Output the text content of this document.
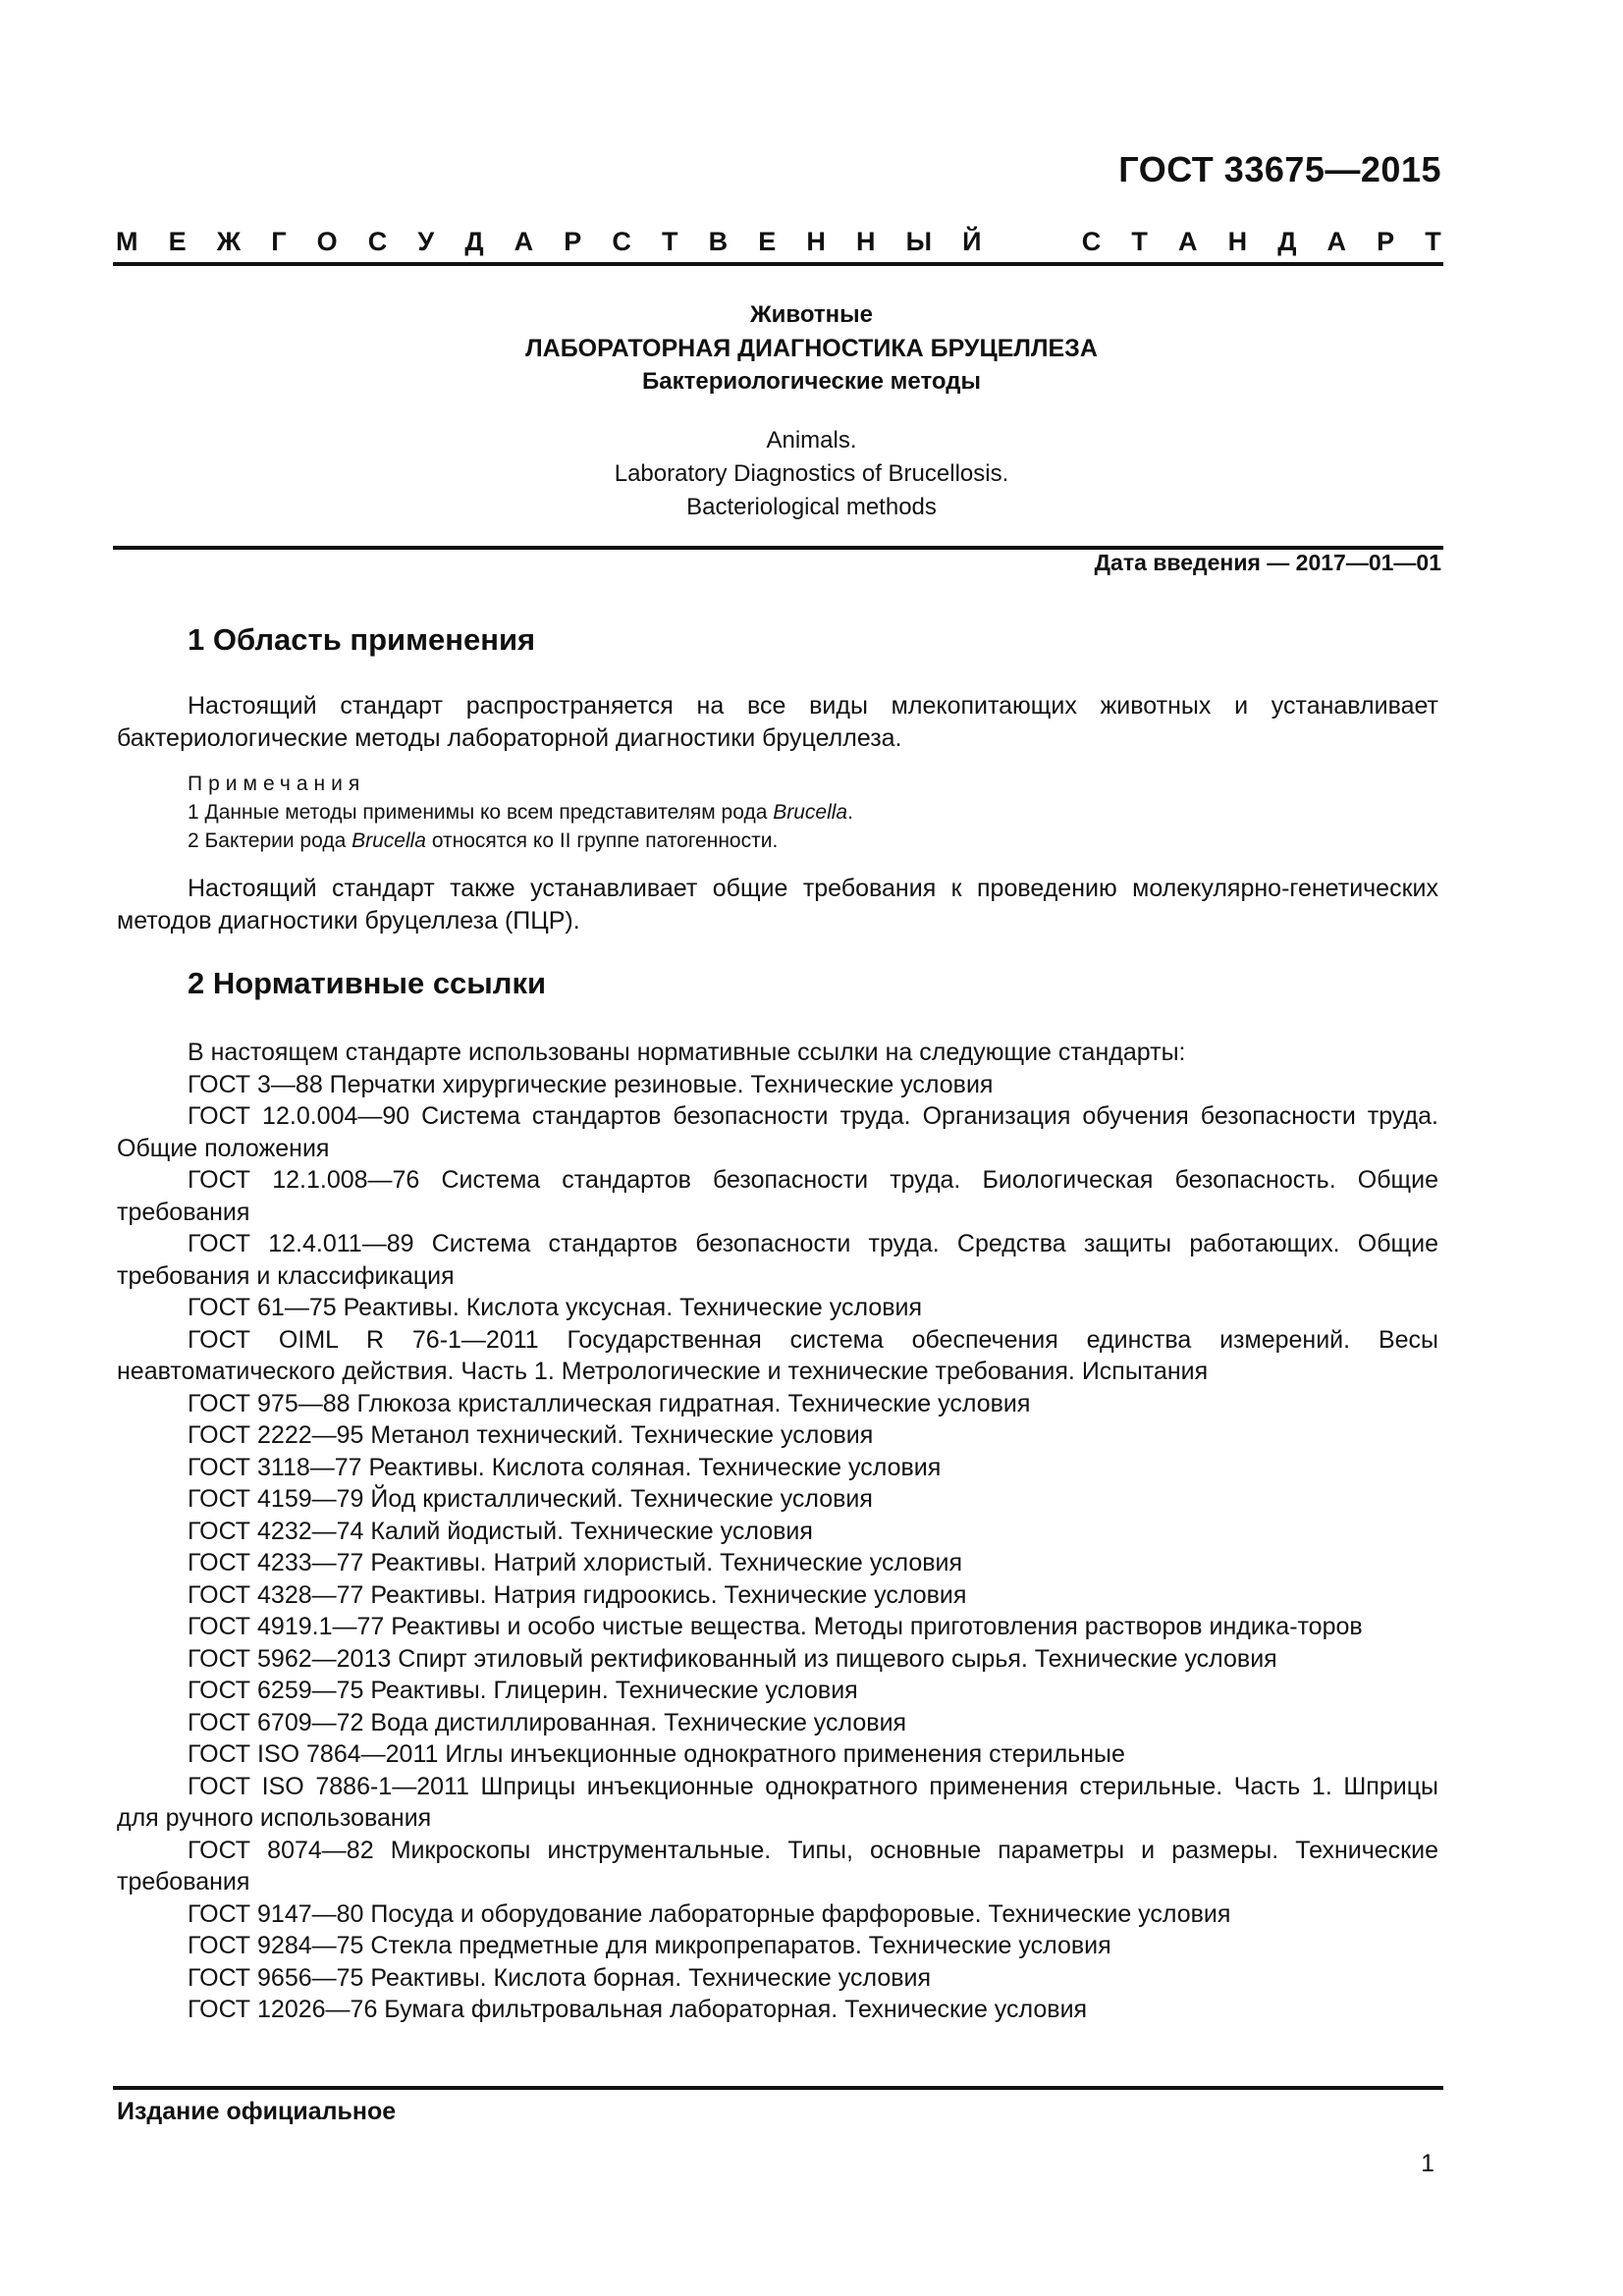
ГОСТ 33675—2015
М Е Ж Г О С У Д А Р С Т В Е Н Н Ы Й	С Т А Н Д А Р Т
Животные
ЛАБОРАТОРНАЯ ДИАГНОСТИКА БРУЦЕЛЛЕЗА
Бактериологические методы
Animals.
Laboratory Diagnostics of Brucellosis.
Bacteriological methods
Дата введения — 2017—01—01
1 Область применения

Настоящий стандарт распространяется на все виды млекопитающих животных и устанавливает бактериологические методы лабораторной диагностики бруцеллеза.

Примечания
1 Данные методы применимы ко всем представителям рода Brucella.
2 Бактерии рода Brucella относятся ко II группе патогенности.

Настоящий стандарт также устанавливает общие требования к проведению молекулярно-генетических методов диагностики бруцеллеза (ПЦР).

2 Нормативные ссылки
В настоящем стандарте использованы нормативные ссылки на следующие стандарты:
ГОСТ 3—88 Перчатки хирургические резиновые. Технические условия
ГОСТ 12.0.004—90 Система стандартов безопасности труда. Организация обучения безопасности труда. Общие положения
ГОСТ 12.1.008—76 Система стандартов безопасности труда. Биологическая безопасность. Общие требования
ГОСТ 12.4.011—89 Система стандартов безопасности труда. Средства защиты работающих. Общие требования и классификация
ГОСТ 61—75 Реактивы. Кислота уксусная. Технические условия
ГОСТ OIML R 76-1—2011 Государственная система обеспечения единства измерений. Весы неавтоматического действия. Часть 1. Метрологические и технические требования. Испытания
ГОСТ 975—88 Глюкоза кристаллическая гидратная. Технические условия
ГОСТ 2222—95 Метанол технический. Технические условия
ГОСТ 3118—77 Реактивы. Кислота соляная. Технические условия
ГОСТ 4159—79 Йод кристаллический. Технические условия
ГОСТ 4232—74 Калий йодистый. Технические условия
ГОСТ 4233—77 Реактивы. Натрий хлористый. Технические условия
ГОСТ 4328—77 Реактивы. Натрия гидроокись. Технические условия
ГОСТ 4919.1—77 Реактивы и особо чистые вещества. Методы приготовления растворов индика-торов
ГОСТ 5962—2013 Спирт этиловый ректификованный из пищевого сырья. Технические условия
ГОСТ 6259—75 Реактивы. Глицерин. Технические условия
ГОСТ 6709—72 Вода дистиллированная. Технические условия
ГОСТ ISO 7864—2011 Иглы инъекционные однократного применения стерильные
ГОСТ ISO 7886-1—2011 Шприцы инъекционные однократного применения стерильные. Часть 1. Шприцы для ручного использования
ГОСТ 8074—82 Микроскопы инструментальные. Типы, основные параметры и размеры. Технические требования
ГОСТ 9147—80 Посуда и оборудование лабораторные фарфоровые. Технические условия
ГОСТ 9284—75 Стекла предметные для микропрепаратов. Технические условия
ГОСТ 9656—75 Реактивы. Кислота борная. Технические условия
ГОСТ 12026—76 Бумага фильтровальная лабораторная. Технические условия
Издание официальное
1
